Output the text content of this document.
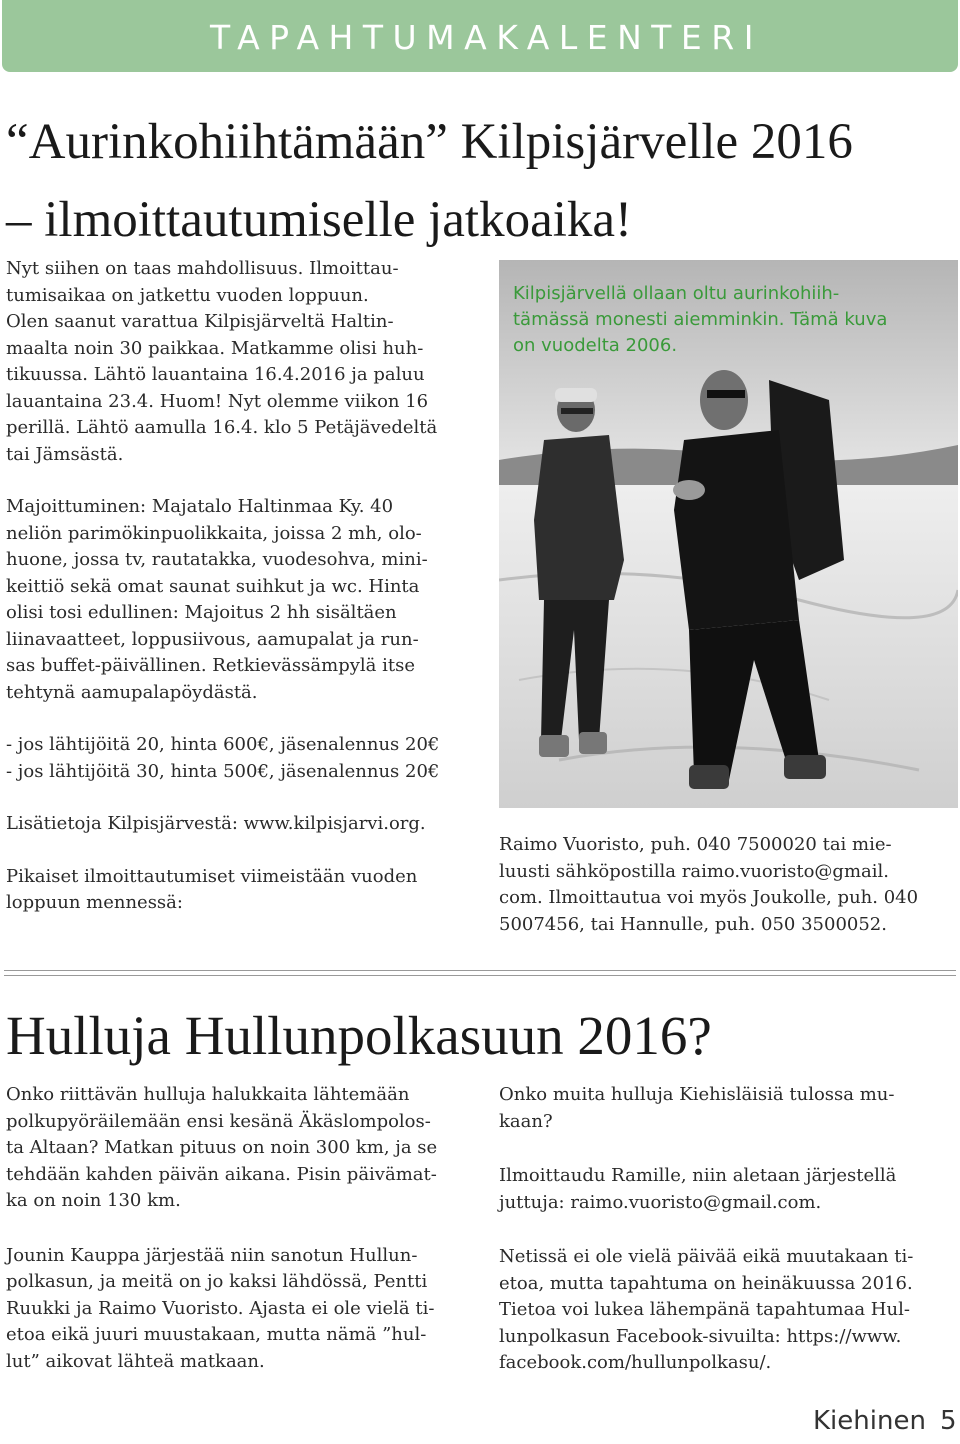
TAPAHTUMAKALENTERI
“Aurinkohiihtämään” Kilpisjärvelle 2016
– ilmoittautumiselle jatkoaika!
Nyt siihen on taas mahdollisuus. Ilmoittau-
tumisaikaa on jatkettu vuoden loppuun.
Olen saanut varattua Kilpisjärveltä Haltin-
maalta noin 30 paikkaa. Matkamme olisi huh-
tikuussa. Lähtö lauantaina 16.4.2016 ja paluu
lauantaina 23.4. Huom! Nyt olemme viikon 16
perillä. Lähtö aamulla 16.4. klo 5 Petäjävedeltä
tai Jämsästä.
Majoittuminen: Majatalo Haltinmaa Ky. 40
neliön parimökinpuolikkaita, joissa 2 mh, olo-
huone, jossa tv, rautatakka, vuodesohva, mini-
keittiö sekä omat saunat suihkut ja wc. Hinta
olisi tosi edullinen: Majoitus 2 hh sisältäen
liinavaatteet, loppusiivous, aamupalat ja run-
sas buffet-päivällinen. Retkievässämpylä itse
tehtynä aamupalapöydästä.
- jos lähtijöitä 20, hinta 600€, jäsenalennus 20€
- jos lähtijöitä 30, hinta 500€, jäsenalennus 20€
Lisätietoja Kilpisjärvestä: www.kilpisjarvi.org.
Pikaiset ilmoittautumiset viimeistään vuoden
loppuun mennessä:
Kilpisjärvellä ollaan oltu aurinkohiih-
tämässä monesti aiemminkin. Tämä kuva
on vuodelta 2006.
Raimo Vuoristo, puh. 040 7500020 tai mie-
luusti sähköpostilla raimo.vuoristo@gmail.
com. Ilmoittautua voi myös Joukolle, puh. 040
5007456, tai Hannulle, puh. 050 3500052.
Hulluja Hullunpolkasuun 2016?
Onko riittävän hulluja halukkaita lähtemään
polkupyöräilemään ensi kesänä Äkäslompolos-
ta Altaan? Matkan pituus on noin 300 km, ja se
tehdään kahden päivän aikana. Pisin päivämat-
ka on noin 130 km.
Jounin Kauppa järjestää niin sanotun Hullun-
polkasun, ja meitä on jo kaksi lähdössä, Pentti
Ruukki ja Raimo Vuoristo. Ajasta ei ole vielä ti-
etoa eikä juuri muustakaan, mutta nämä ”hul-
lut” aikovat lähteä matkaan.
Onko muita hulluja Kiehisläisiä tulossa mu-
kaan?
Ilmoittaudu Ramille, niin aletaan järjestellä
juttuja: raimo.vuoristo@gmail.com.
Netissä ei ole vielä päivää eikä muutakaan ti-
etoa, mutta tapahtuma on heinäkuussa 2016.
Tietoa voi lukea lähempänä tapahtumaa Hul-
lunpolkasun Facebook-sivuilta: https://www.
facebook.com/hullunpolkasu/.
Kiehinen 5
